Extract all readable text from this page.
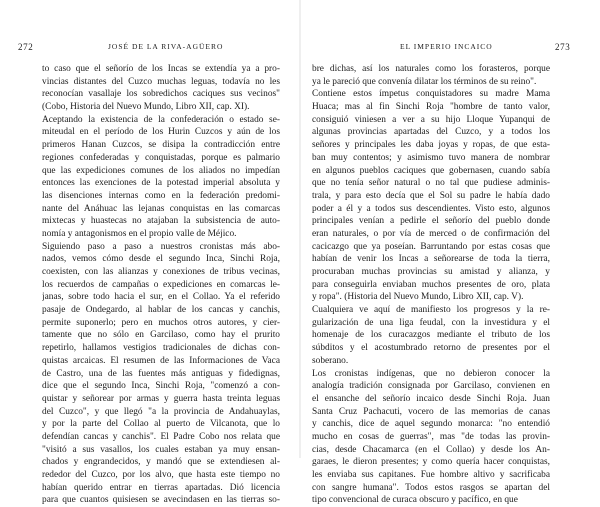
272	JOSÉ DE LA RIVA-AGÜERO
to caso que el señorío de los Incas se extendía ya a pro-
vincias distantes del Cuzco muchas leguas, todavía no les
reconocían vasallaje los sobredichos caciques sus vecinos"
(Cobo, Historia del Nuevo Mundo, Libro XII, cap. XI).
Aceptando la existencia de la confederación o estado se-
miteudal en el período de los Hurin Cuzcos y aún de los
primeros Hanan Cuzcos, se disipa la contradicción entre
regiones confederadas y conquistadas, porque es palmario
que las expediciones comunes de los aliados no impedían
entonces las exenciones de la potestad imperial absoluta y
las disenciones internas como en la federación predomi-
nante del Anáhuac las lejanas conquistas en las comarcas
mixtecas y huastecas no atajaban la subsistencia de auto-
nomía y antagonismos en el propio valle de Méjico.
Siguiendo paso a paso a nuestros cronistas más abo-
nados, vemos cómo desde el segundo Inca, Sinchi Roja,
coexisten, con las alianzas y conexiones de tribus vecinas,
los recuerdos de campañas o expediciones en comarcas le-
janas, sobre todo hacia el sur, en el Collao. Ya el referido
pasaje de Ondegardo, al hablar de los cancas y canchis,
permite suponerlo; pero en muchos otros autores, y cier-
tamente que no sólo en Garcilaso, como hay el prurito
repetirlo, hallamos vestigios tradicionales de dichas con-
quistas arcaicas. El resumen de las Informaciones de Vaca
de Castro, una de las fuentes más antiguas y fidedignas,
dice que el segundo Inca, Sinchi Roja, "comenzó a con-
quistar y señorear por armas y guerra hasta treinta leguas
del Cuzco", y que llegó "a la provincia de Andahuaylas,
y por la parte del Collao al puerto de Vilcanota, que lo
defendían cancas y canchis". El Padre Cobo nos relata que
"visitó a sus vasallos, los cuales estaban ya muy ensan-
chados y engrandecidos, y mandó que se extendiesen al-
rededor del Cuzco, por los alvo, que hasta este tiempo no
habían querido entrar en tierras apartadas. Dió licencia
para que cuantos quisiesen se avecindasen en las tierras so-
EL IMPERIO INCAICO	273
bre dichas, así los naturales como los forasteros, porque
ya le pareció que convenía dilatar los términos de su reino".
Contiene estos ímpetus conquistadores su madre Mama
Huaca; mas al fin Sinchi Roja "hombre de tanto valor,
consiguió viniesen a ver a su hijo Lloque Yupanqui de
algunas provincias apartadas del Cuzco, y a todos los
señores y principales les daba joyas y ropas, de que esta-
ban muy contentos; y asimismo tuvo manera de nombrar
en algunos pueblos caciques que gobernasen, cuando sabía
que no tenía señor natural o no tal que pudiese adminis-
trala, y para esto decía que el Sol su padre le había dado
poder a él y a todos sus descendientes. Visto esto, algunos
principales venían a pedirle el señorío del pueblo donde
eran naturales, o por vía de merced o de confirmación del
cacicazgo que ya poseían. Barruntando por estas cosas que
habían de venir los Incas a señorearse de toda la tierra,
procuraban muchas provincias su amistad y alianza, y
para conseguirla enviaban muchos presentes de oro, plata
y ropa". (Historia del Nuevo Mundo, Libro XII, cap. V).
Cualquiera ve aquí de manifiesto los progresos y la re-
gularización de una liga feudal, con la investidura y el
homenaje de los curacazgos mediante el tributo de los
súbditos y el acostumbrado retorno de presentes por el
soberano.
Los cronistas indígenas, que no debieron conocer la
analogía tradición consignada por Garcilaso, convienen en
el ensanche del señorío incaico desde Sinchi Roja. Juan
Santa Cruz Pachacuti, vocero de las memorias de canas
y canchis, dice de aquel segundo monarca: "no entendió
mucho en cosas de guerras", mas "de todas las provin-
cias, desde Chacamarca (en el Collao) y desde los An-
garaes, le dieron presentes; y como quería hacer conquistas,
les enviaba sus capitanes. Fue hombre altivo y sacrificaba
con sangre humana". Todos estos rasgos se apartan del
tipo convencional de curaca obscuro y pacífico, en que
